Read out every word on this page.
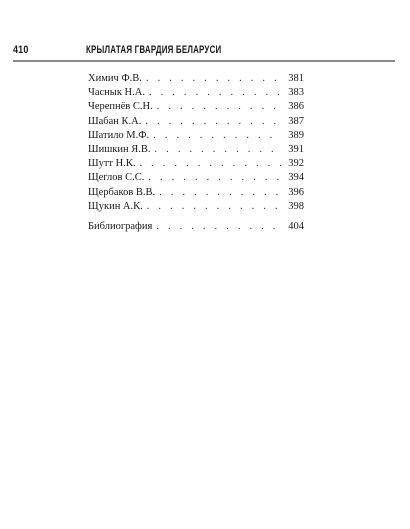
410	КРЫЛАТАЯ ГВАРДИЯ БЕЛАРУСИ
Химич Ф.В. . . .	381
Часнык Н.А. . . .	383
Черепнёв С.Н. . . .	386
Шабан К.А. . . .	387
Шатило М.Ф. . . .	389
Шишкин Я.В. . . .	391
Шутт Н.К. . . .	392
Щеглов С.С. . . .	394
Щербаков В.В. . . .	396
Щукин А.К. . . .	398
Библиография . . .	404
